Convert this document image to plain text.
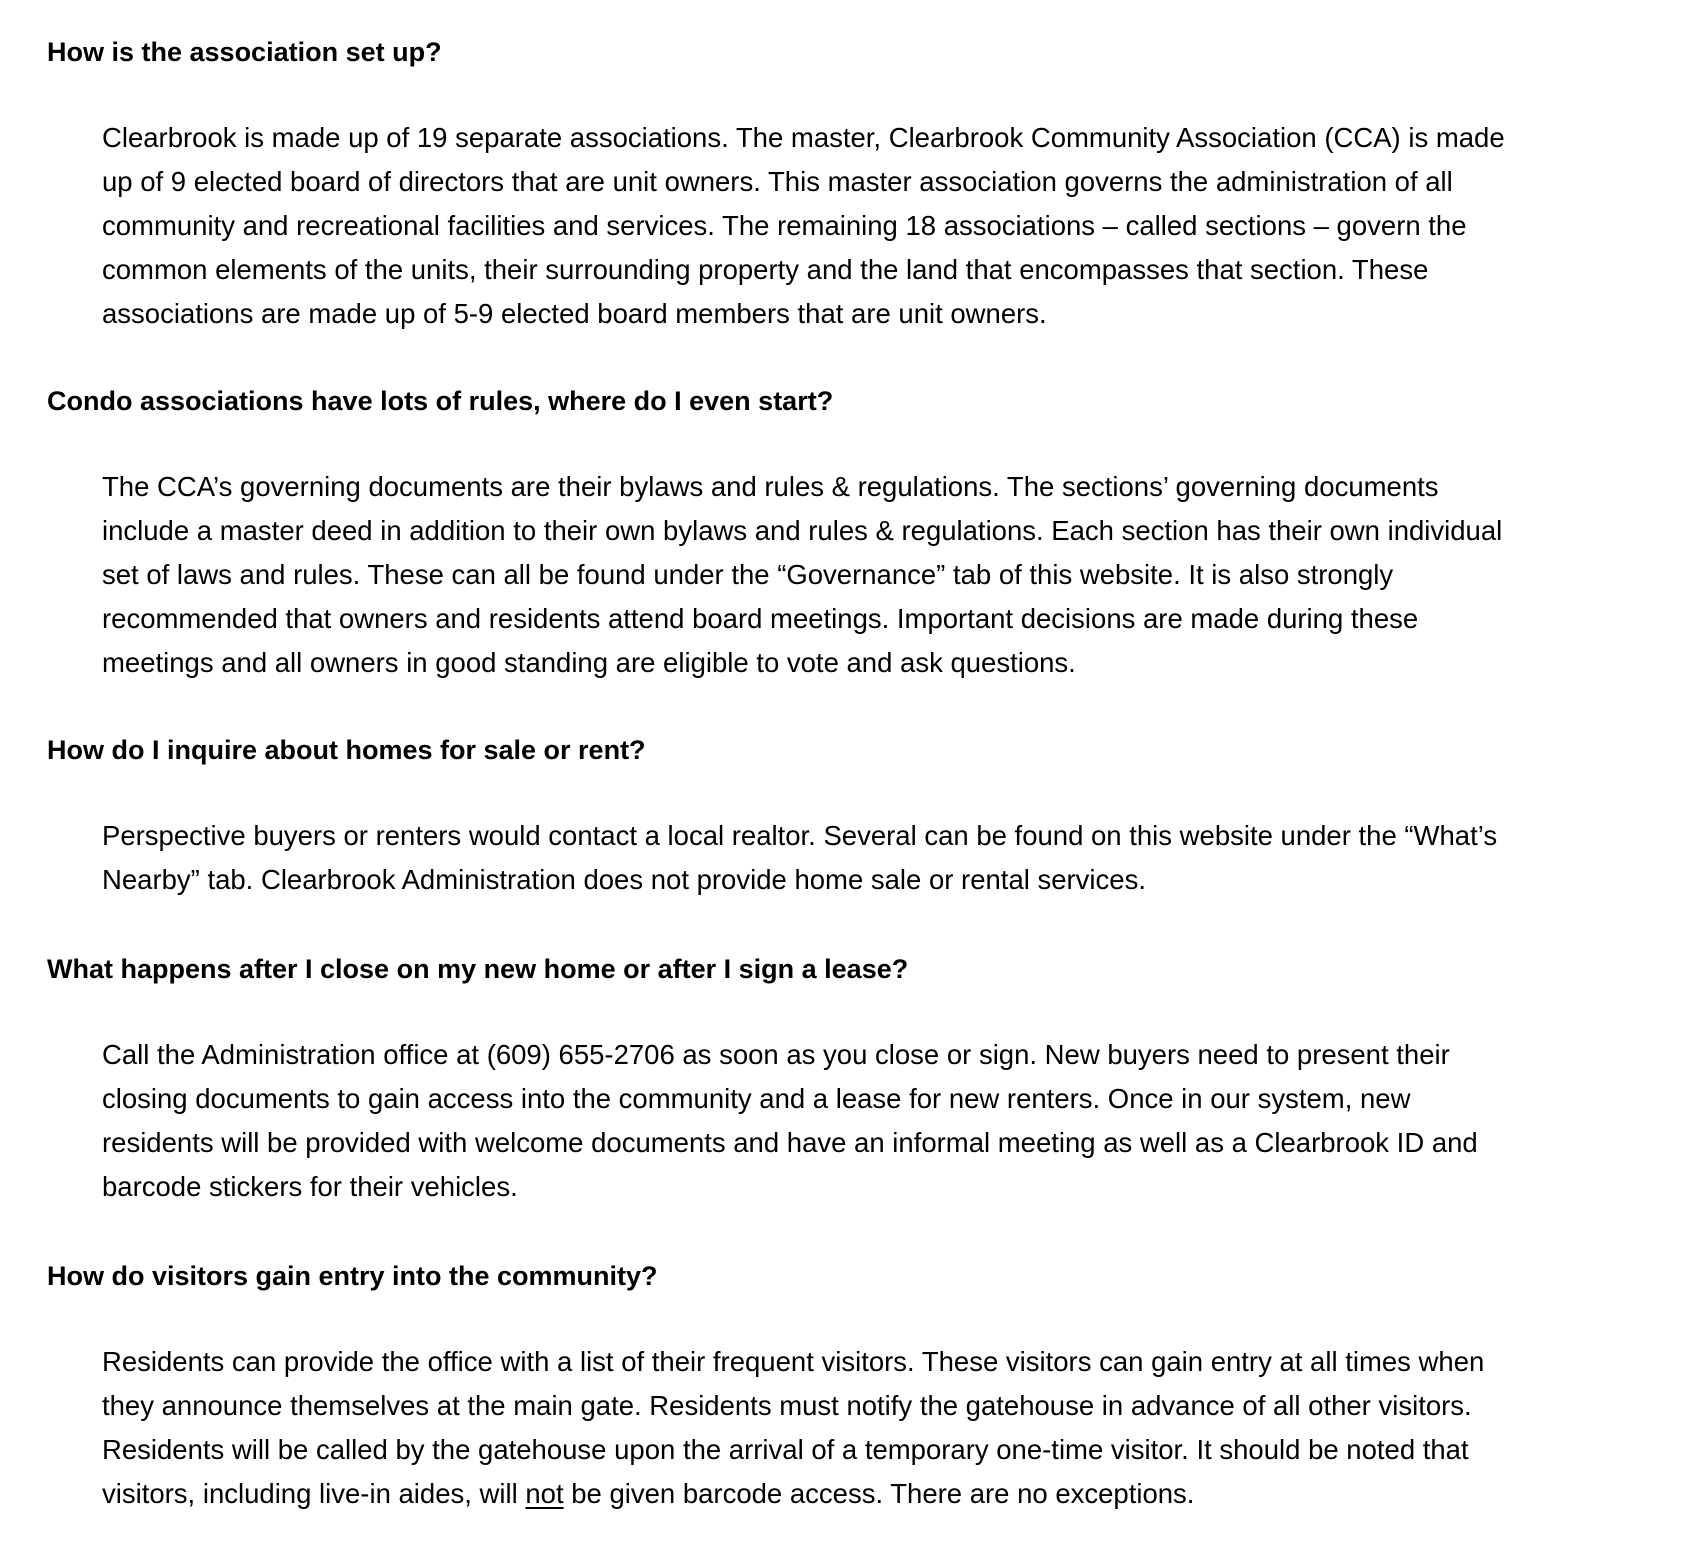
How is the association set up?
Clearbrook is made up of 19 separate associations. The master, Clearbrook Community Association (CCA) is made
up of 9 elected board of directors that are unit owners. This master association governs the administration of all
community and recreational facilities and services. The remaining 18 associations – called sections – govern the
common elements of the units, their surrounding property and the land that encompasses that section. These
associations are made up of 5-9 elected board members that are unit owners.
Condo associations have lots of rules, where do I even start?
The CCA’s governing documents are their bylaws and rules & regulations. The sections’ governing documents
include a master deed in addition to their own bylaws and rules & regulations. Each section has their own individual
set of laws and rules. These can all be found under the “Governance” tab of this website. It is also strongly
recommended that owners and residents attend board meetings. Important decisions are made during these
meetings and all owners in good standing are eligible to vote and ask questions.
How do I inquire about homes for sale or rent?
Perspective buyers or renters would contact a local realtor. Several can be found on this website under the “What’s
Nearby” tab. Clearbrook Administration does not provide home sale or rental services.
What happens after I close on my new home or after I sign a lease?
Call the Administration office at (609) 655-2706 as soon as you close or sign. New buyers need to present their
closing documents to gain access into the community and a lease for new renters. Once in our system, new
residents will be provided with welcome documents and have an informal meeting as well as a Clearbrook ID and
barcode stickers for their vehicles.
How do visitors gain entry into the community?
Residents can provide the office with a list of their frequent visitors. These visitors can gain entry at all times when
they announce themselves at the main gate. Residents must notify the gatehouse in advance of all other visitors.
Residents will be called by the gatehouse upon the arrival of a temporary one-time visitor. It should be noted that
visitors, including live-in aides, will not be given barcode access. There are no exceptions.
